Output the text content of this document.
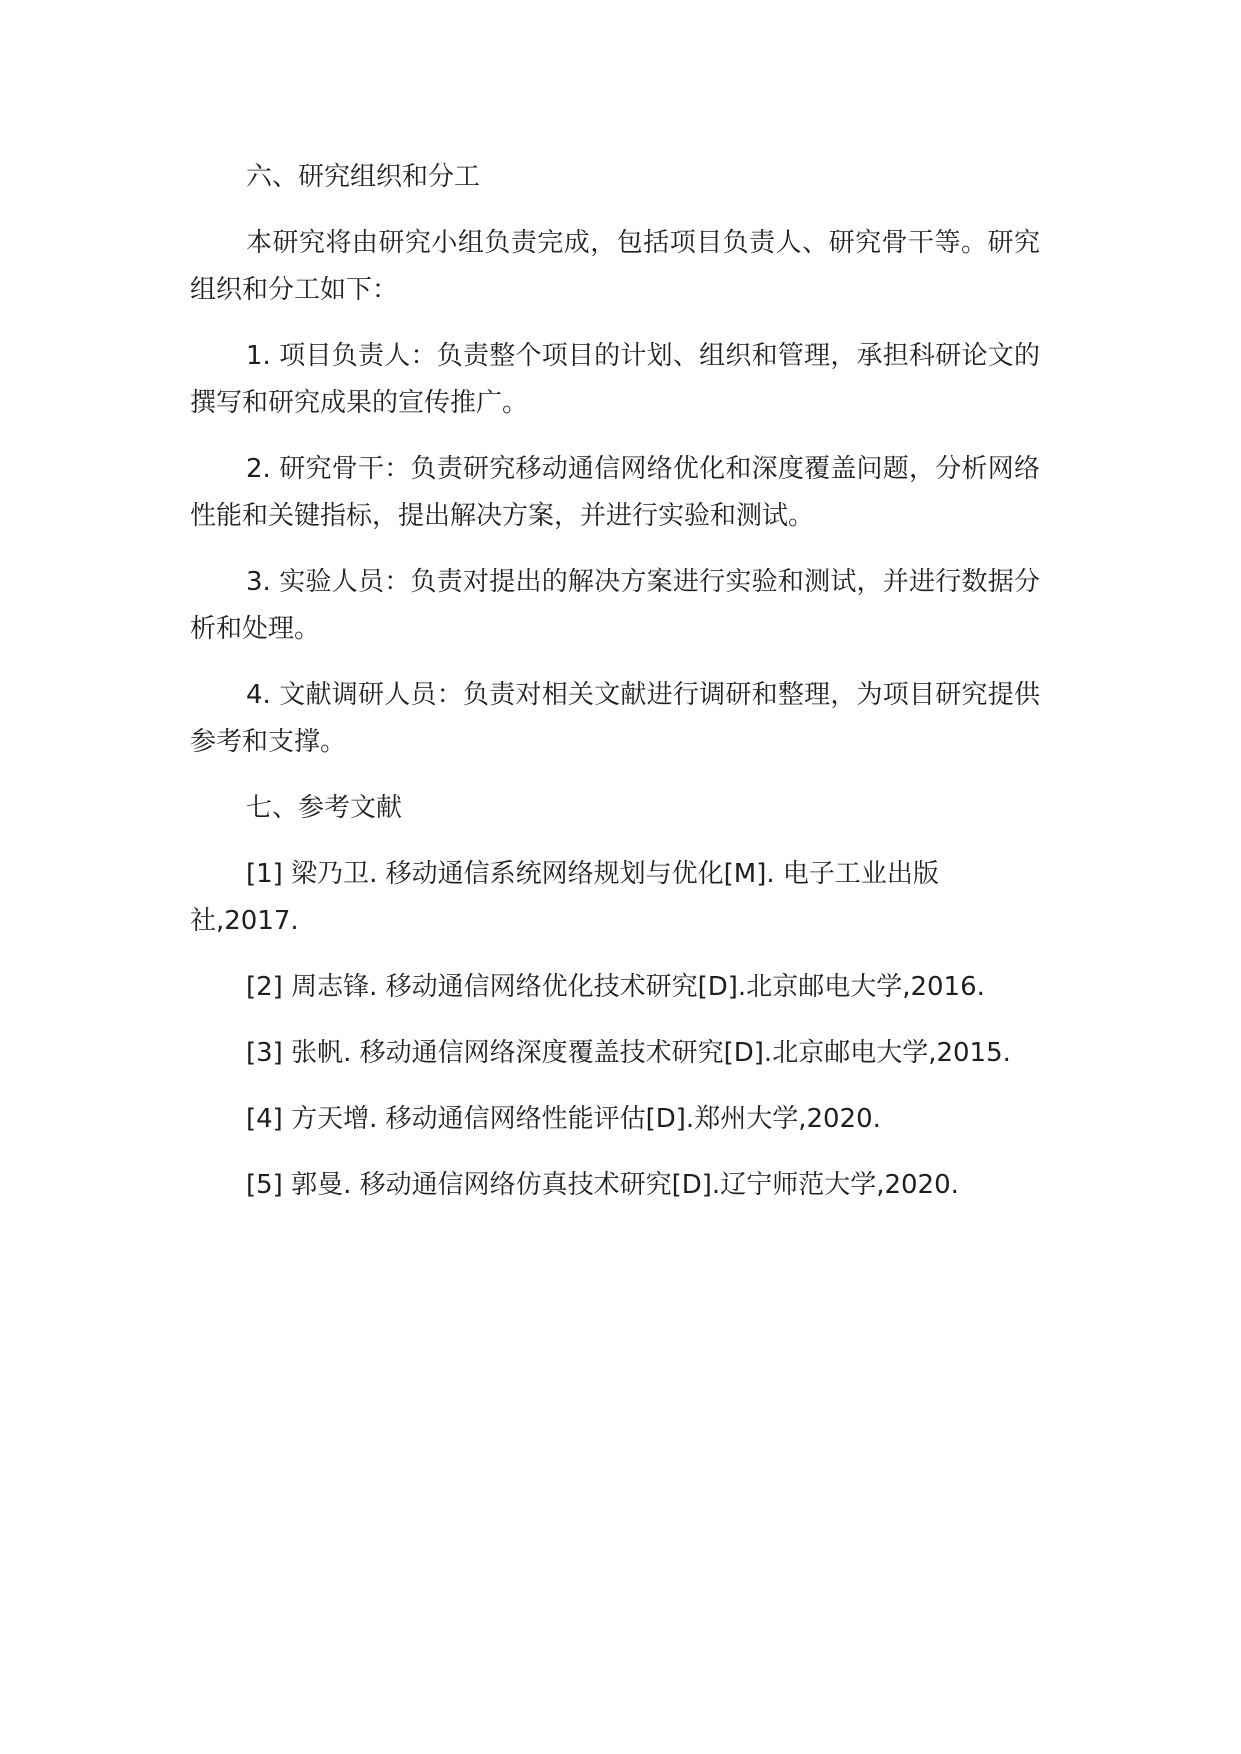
六、研究组织和分工

本研究将由研究小组负责完成，包括项目负责人、研究骨干等。研究组织和分工如下：

1. 项目负责人：负责整个项目的计划、组织和管理，承担科研论文的撰写和研究成果的宣传推广。

2. 研究骨干：负责研究移动通信网络优化和深度覆盖问题，分析网络性能和关键指标，提出解决方案，并进行实验和测试。

3. 实验人员：负责对提出的解决方案进行实验和测试，并进行数据分析和处理。

4. 文献调研人员：负责对相关文献进行调研和整理，为项目研究提供参考和支撑。

七、参考文献

[1] 梁乃卫. 移动通信系统网络规划与优化[M]. 电子工业出版社,2017.

[2] 周志锋. 移动通信网络优化技术研究[D].北京邮电大学,2016.

[3] 张帆. 移动通信网络深度覆盖技术研究[D].北京邮电大学,2015.

[4] 方天增. 移动通信网络性能评估[D].郑州大学,2020.

[5] 郭曼. 移动通信网络仿真技术研究[D].辽宁师范大学,2020.
